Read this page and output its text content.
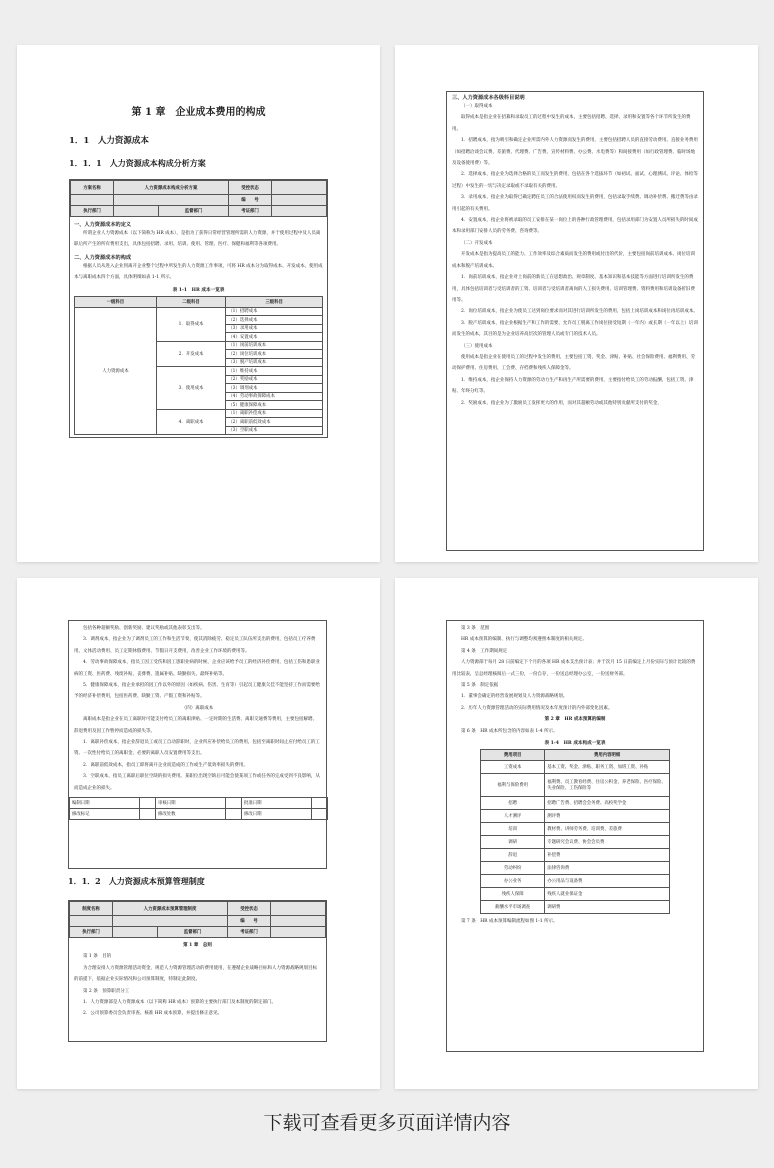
第 1 章　企业成本费用的构成

1．1　人力资源成本

1．1．1　人力资源成本构成分析方案

方案名称	人力资源成本构成分析方案		受控状态	
			编　　号	
执行部门		监督部门	考证部门	

一、人力资源成本的定义

所谓企业人力资源成本（以下简称为 HR 成本），是指为了获得日常经营管理所需的人力资源，并于使用过程中及人员离职后所产生的所有费用支出，具体包括招聘、录用、培训、使用、管理、医疗、保健和福利等各项费用。

二、人力资源成本的构成

根据人员从进入企业到离开企业整个过程中所发生的人力资源工作事项，可将 HR 成本分为取得成本、开发成本、使用成本与离职成本四个方面，具体明细如表 1-1 所示。

表 1-1　HR 成本一览表

一级科目	二级科目	三级科目
人力资源成本	1．取得成本	（1）招聘成本
		（2）选择成本
		（3）录用成本
		（4）安置成本
	2．开发成本	（1）岗前培训成本
		（2）岗位培训成本
		（3）脱产培训成本
	3．使用成本	（1）维持成本
		（2）奖励成本
		（3）调剂成本
		（4）劳动事故保障成本
		（5）健康保障成本
	4．离职成本	（1）离职补偿成本
		（2）离职前低效成本
		（3）空职成本

三、人力资源成本各级科目说明

（一）取得成本

取得成本是指企业在招募和录取员工的过程中发生的成本，主要包括招聘、选择、录用和安置等各个环节所发生的费用。

1．招聘成本，指为吸引和确定企业所需内外人力资源而发生的费用，主要包括招聘人员的直接劳动费用、直接业务费用（如招聘洽谈会议费、差旅费、代理费、广告费、宣传材料费、办公费、水电费等）和间接费用（如行政管理费、临时场地及设备使用费）等。

2．选择成本，指企业为选择合格的员工而发生的费用，包括在各个选拔环节（如初试、面试、心理测试、评论、体检等过程）中发生的一切与决定录取或不录取有关的费用。

3．录用成本，指企业为取得已确定聘任员工的合法使用权而发生的费用，包括录取手续费、调动补偿费、搬迁费等由录用引起的有关费用。

4．安置成本，指企业将被录取的员工安排在某一岗位上的各种行政管理费用，包括录用部门为安置人员所损失的时间成本和录用部门安排人员的劳务费、咨询费等。

（二）开发成本

开发成本是指为提高员工的能力、工作效率及综合素质而发生的费用或付出的代价，主要包括岗前培训成本、岗位培训成本和脱产培训成本。

1．岗前培训成本，指企业对上岗前的新员工在思想政治、规章制度、基本知识和基本技能等方面进行培训所发生的费用，具体包括培训者与受培训者的工资、培训者与受培训者离岗的人工损失费用、培训管理费、资料费用和培训设备折旧费用等。

2．岗位培训成本，指企业为使员工达到岗位要求而对其进行培训所发生的费用，包括上岗培训成本和岗位再培训成本。

3．脱产培训成本，指企业根据生产和工作的需要，允许员工脱离工作岗位接受短期（一年内）或长期（一年以上）培训而发生的成本，其目的是为企业培养高层次的管理人员或专门的技术人员。

（三）使用成本

使用成本是指企业在使用员工的过程中发生的费用，主要包括工资、奖金、津贴、补贴、社会保险费用、福利费用、劳动保护费用、住房费用、工会费、存档费和残疾人保障金等。

1．维持成本，指企业保持人力资源的劳动力生产和再生产所需要的费用，主要指付给员工的劳动报酬，包括工资、津贴、年终分红等。

2．奖励成本，指企业为了激励员工发挥更大的作用，而对其超额劳动或其他特别贡献所支付的奖金，

包括各种超额奖励、创新奖励、建议奖励或其他表彰支出等。

3．调剂成本，指企业为了调剂员工的工作和生活节奏，使其消除疲劳、稳定员工队伍所支出的费用，包括员工疗养费用、文体活动费用、员工定期休假费用、节假日开支费用，改善企业工作环境的费用等。

4．劳动事故保障成本，指员工因工受伤和因工患职业病的时候，企业应该给予员工的经济补偿费用，包括工伤和患职业病的工资、医药费、残废补贴、丧葬费、遗属补贴、缺勤损失、最终补贴等。

5．健康保障成本，指企业承担的因工作以外的原因（如疾病、伤害、生育等）引起员工健康欠佳不能坚持工作而需要给予的经济补偿费用，包括医药费、缺勤工资、产假工资和补贴等。

（四）离职成本

离职成本是指企业在员工离职时可能支付给员工的离职津贴、一定时期的生活费、离职交通费等费用，主要包括解聘、辞退费用及因工作暂停而造成的损失等。

1．离职补偿成本，指企业辞退员工或员工自动辞职时，企业所应补偿给员工的费用，包括至离职时间止应付给员工的工资、一次性付给员工的离职金、必要的离职人员安置费用等支出。

2．离职前低效成本，指员工即将离开企业而造成的工作或生产低效率损失的费用。

3．空职成本，指员工离职后职位空缺的损失费用。某职位出现空缺后可能会使某项工作或任务的完成受到不良影响，从而造成企业的损失。

编制日期		审核日期		批准日期	
修改标记		修改处数		修改日期	

1．1．2　人力资源成本预算管理制度

制度名称	人力资源成本预算管理制度		受控状态	
			编　　号	
执行部门		监督部门	考证部门	

第 1 章　总则

第 1 条　目的

为合理安排人力资源管理活动资金，规范人力资源管理活动的费用使用，在遵循企业战略目标和人力资源战略规划目标的前提下，依据企业实际情况和公司预算制度，特制定此制度。

第 2 条　预算职责分工

1．人力资源部是人力资源成本（以下简称 HR 成本）预算的主要执行部门及本制度的制定部门。

2．公司预算委员会负责审查、核准 HR 成本预算，并提出修正意见。

第 3 条　范围

HR 成本预算的编制、执行与调整均须遵照本制度的相关规定。

第 4 条　工作期间规定

人力资源部于每月 28 日前编定下个月的各项 HR 成本支出预计表；并于次月 15 日前编定上月份实际与预计比较的费用比较表，呈总经理核阅后一式三份，一份自存，一份送总经理办公室，一份送财务部。

第 5 条　制定依据

1．董事会确定的经营发展规划及人力资源战略规划。

2．历年人力资源管理活动的实际费用情况及本年度预计的内外部变化因素。

第 2 章　HR 成本预算的编制

第 6 条　HR 成本所包含的内容如表 1-4 所示。

表 1-4　HR 成本构成一览表

费用项目	费用内容明细
工资成本	基本工资、奖金、津贴、职务工资、加班工资、补贴
福利与保险费用	福利费、员工教育经费、住房公积金、养老保险、医疗保险、失业保险、工伤保险等
招聘	招聘广告费、招聘会会务费、高校奖学金
人才测评	测评费
培训	教材费、讲师劳务费、培训费、差旅费
调研	专题研究会议费、协会会员费
辞退	补偿费
劳动纠纷	法律咨询费
办公业务	办公用品与设备费
残疾人保障	残疾人就业保证金
薪酬水平市场调查	调研费

第 7 条　HR 成本预算编制流程如图 1-1 所示。

下载可查看更多页面详情内容
